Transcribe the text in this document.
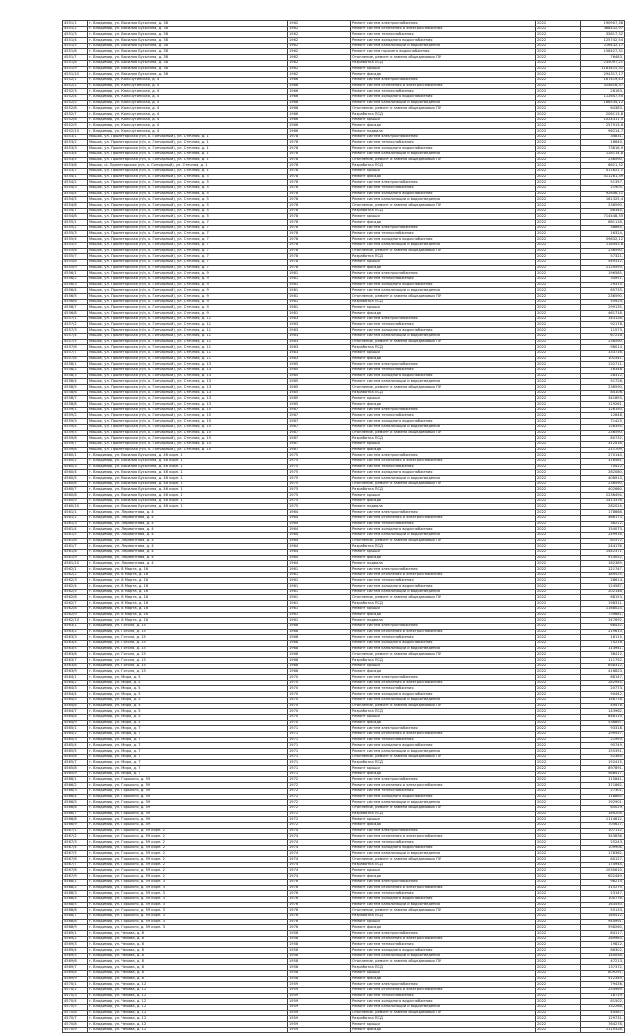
4551/1	г. Владимир, ул. Василия Бусыгина, д. 38	1962	Ремонт систем электроснабжения	2022	190907,38
4551/2	г. Владимир, ул. Василия Бусыгина, д. 38	1962	Ремонт систем отопления и электроснабжения	2022	368432,97
4551/3	г. Владимир, ул. Василия Бусыгина, д. 38	1962	Ремонт систем теплоснабжения	2022	35817,32
4551/4	г. Владимир, ул. Василия Бусыгина, д. 38	1962	Ремонт систем холодного водоснабжения	2022	125742,54
4551/5	г. Владимир, ул. Василия Бусыгина, д. 38	1962	Ремонт систем канализации и водоотведения	2022	216432,17
4551/6	г. Владимир, ул. Василия Бусыгина, д. 38	1962	Ремонт систем горячего водоснабжения	2022	158427,31
4551/7	г. Владимир, ул. Василия Бусыгина, д. 38	1962	Отопление, ремонт и замена общедомовых ПУ	2022	76483,
4551/8	г. Владимир, ул. Василия Бусыгина, д. 38	1962	Разработка ПСД	2022	235097,21
4551/9	г. Владимир, ул. Василия Бусыгина, д. 38	1962	Ремонт крыши	2022	1183415,32
4551/10	г. Владимир, ул. Василия Бусыгина, д. 38	1962	Ремонт фасада	2022	294317,17
4552/1	г. Владимир, ул. Кольчугинская, д. 4	1966	Ремонт систем электроснабжения	2022	167419,43
4552/2	г. Владимир, ул. Кольчугинская, д. 4	1966	Ремонт систем отопления и электроснабжения	2022	324816,37
4552/3	г. Владимир, ул. Кольчугинская, д. 4	1966	Ремонт систем теплоснабжения	2022	28163,
4552/4	г. Владимир, ул. Кольчугинская, д. 4	1966	Ремонт систем холодного водоснабжения	2022	112647,54
4552/5	г. Владимир, ул. Кольчугинская, д. 4	1966	Ремонт систем канализации и водоотведения	2022	186534,12
4552/6	г. Владимир, ул. Кольчугинская, д. 4	1966	Отопление, ремонт и замена общедомовых ПУ	2022	64383,
4552/7	г. Владимир, ул. Кольчугинская, д. 4	1966	Разработка ПСД	2022	206113,8
4552/8	г. Владимир, ул. Кольчугинская, д. 4	1966	Ремонт крыши	2022	1024311,5
4552/9	г. Владимир, ул. Кольчугинская, д. 4	1966	Ремонт фасада	2022	257913,6
4552/10	г. Владимир, ул. Кольчугинская, д. 4	1966	Ремонт подвала	2022	96214,7
4553/1	Мошок, ул. Пролетарская (п/з, к. Гончарный), ул. Стечная, д. 1	1978	Ремонт систем электроснабжения	2022	34831,
4553/2	Мошок, ул. Пролетарская (п/з, к. Гончарный), ул. Стечная, д. 1	1978	Ремонт систем теплоснабжения	2022	18640,
4553/3	Мошок, ул. Пролетарская (п/з, к. Гончарный), ул. Стечная, д. 1	1978	Ремонт систем холодного водоснабжения	2022	73816,9
4553/4	Мошок, ул. Пролетарская (п/з, к. Гончарный), ул. Стечная, д. 1	1978	Ремонт систем канализации и водоотведения	2022	128114,8
4553/5	Мошок, ул. Пролетарская (п/з, к. Гончарный), ул. Стечная, д. 1	1978	Отопление, ремонт и замена общедомовых ПУ	2022	236590,
4553/6	Мошок, ul. Пролетарская (п/з, к. Гончарный), ул. Стечная, д. 1	1978	Разработка ПСД	2022	6821,32
4553/7	Мошок, ул. Пролетарская (п/з, к. Гончарный), ул. Стечная, д. 1	1978	Ремонт крыши	2022	411621,1
4554/1	Мошок, ул. Пролетарская (п/з, к. Гончарный), ул. Стечная, д. 5	1978	Ремонт фасада	2022	411281,39
4554/2	Мошок, ул. Пролетарская (п/з, к. Гончарный), ул. Стечная, д. 5	1978	Ремонт систем электроснабжения	2022	51357,
4554/3	Мошок, ул. Пролетарская (п/з, к. Гончарный), ул. Стечная, д. 5	1978	Ремонт систем теплоснабжения	2022	21905,
4554/4	Мошок, ул. Пролетарская (п/з, к. Гончарный), ул. Стечная, д. 5	1978	Ремонт систем холодного водоснабжения	2022	92646,11
4554/5	Мошок, ул. Пролетарская (п/з, к. Гончарный), ул. Стечная, д. 5	1978	Ремонт систем канализации и водоотведения	2022	161325,4
4554/6	Мошок, ул. Пролетарская (п/з, к. Гончарный), ул. Стечная, д. 5	1978	Отопление, ремонт и замена общедомовых ПУ	2022	236590,
4554/7	Мошок, ул. Пролетарская (п/з, к. Гончарный), ул. Стечная, д. 5	1978	Разработка ПСД	2022	86340,
4554/8	Мошок, ул. Пролетарская (п/з, к. Гончарный), ул. Стечная, д. 5	1978	Ремонт крыши	2022	714448,35
4555/1	Мошок, ул. Пролетарская (п/з, к. Гончарный), ул. Стечная, д. 7	1978	Ремонт фасада	2022	681118,
4555/2	Мошок, ул. Пролетарская (п/з, к. Гончарный), ул. Стечная, д. 7	1978	Ремонт систем электроснабжения	2022	38865,
4555/3	Мошок, ул. Пролетарская (п/з, к. Гончарный), ул. Стечная, д. 7	1978	Ремонт систем теплоснабжения	2022	16324,
4555/4	Мошок, ул. Пролетарская (п/з, к. Гончарный), ул. Стечная, д. 7	1978	Ремонт систем холодного водоснабжения	2022	59832,12
4555/5	Мошок, ул. Пролетарская (п/з, к. Гончарный), ул. Стечная, д. 7	1978	Ремонт систем канализации и водоотведения	2022	118443,8
4555/6	Мошок, ул. Пролетарская (п/з, к. Гончарный), ул. Стечная, д. 7	1978	Отопление, ремонт и замена общедомовых ПУ	2022	236590,
4555/7	Мошок, ул. Пролетарская (п/з, к. Гончарный), ул. Стечная, д. 7	1978	Разработка ПСД	2022	57321,
4555/8	Мошок, ул. Пролетарская (п/з, к. Гончарный), ул. Стечная, д. 7	1978	Ремонт крыши	2022	549312,
4555/9	Мошок, ул. Пролетарская (п/з, к. Гончарный), ул. Стечная, д. 7	1978	Ремонт фасада	2022	2124593,
4556/1	Мошок, ул. Пролетарская (п/з, к. Гончарный), ул. Стечная, д. 9	1981	Ремонт систем электроснабжения	2022	196585,
4556/2	Мошок, ул. Пролетарская (п/з, к. Гончарный), ул. Стечная, д. 9	1981	Ремонт систем теплоснабжения	2022	34951,
4556/3	Мошок, ул. Пролетарская (п/з, к. Гончарный), ул. Стечная, д. 9	1981	Ремонт систем холодного водоснабжения	2022	29315,
4556/4	Мошок, ул. Пролетарская (п/з, к. Гончарный), ул. Стечная, д. 9	1981	Ремонт систем канализации и водоотведения	2022	65735,
4556/5	Мошок, ул. Пролетарская (п/з, к. Гончарный), ул. Стечная, д. 9	1981	Отопление, ремонт и замена общедомовых ПУ	2022	236590,
4556/6	Мошок, ул. Пролетарская (п/з, к. Гончарный), ул. Стечная, д. 9	1981	Разработка ПСД	2022	55924,
4556/7	Мошок, ул. Пролетарская (п/з, к. Гончарный), ул. Стечная, д. 9	1981	Ремонт крыши	2022	299135,
4556/8	Мошок, ул. Пролетарская (п/з, к. Гончарный), ул. Стечная, д. 9	1981	Ремонт фасада	2022	461718,
4557/1	Мошок, ул. Пролетарская (п/з, к. Гончарный), ул. Стечная, д. 11	1983	Ремонт систем электроснабжения	2022	143128,
4557/2	Мошок, ул. Пролетарская (п/з, к. Гончарный), ул. Стечная, д. 11	1983	Ремонт систем теплоснабжения	2022	92178,
4557/3	Мошок, ул. Пролетарская (п/з, к. Гончарный), ул. Стечная, д. 11	1983	Ремонт систем холодного водоснабжения	2022	11573,
4557/4	Мошок, ул. Пролетарская (п/з, к. Гончарный), ул. Стечная, д. 11	1983	Ремонт систем канализации и водоотведения	2022	67218,
4557/5	Мошок, ул. Пролетарская (п/з, к. Гончарный), ул. Стечная, д. 11	1983	Отопление, ремонт и замена общедомовых ПУ	2022	236590,
4557/6	Мошок, ул. Пролетарская (п/з, к. Гончарный), ул. Стечная, д. 11	1983	Разработка ПСД	2022	98014,
4557/7	Мошок, ул. Пролетарская (п/з, к. Гончарный), ул. Стечная, д. 11	1983	Ремонт крыши	2022	333716,
4557/8	Мошок, ул. Пролетарская (п/з, к. Гончарный), ул. Стечная, д. 11	1983	Ремонт фасада	2022	101541,
4558/1	Мошок, ул. Пролетарская (п/з, к. Гончарный), ул. Стечная, д. 13	1985	Ремонт систем электроснабжения	2022	132711,
4558/2	Мошок, ул. Пролетарская (п/з, к. Гончарный), ул. Стечная, д. 13	1985	Ремонт систем теплоснабжения	2022	16348,
4558/3	Мошок, ул. Пролетарская (п/з, к. Гончарный), ул. Стечная, д. 13	1985	Ремонт систем холодного водоснабжения	2022	28312,
4558/4	Мошок, ул. Пролетарская (п/з, к. Гончарный), ул. Стечная, д. 13	1985	Ремонт систем канализации и водоотведения	2022	51726,
4558/5	Мошок, ул. Пролетарская (п/з, к. Гончарный), ул. Стечная, д. 13	1985	Отопление, ремонт и замена общедомовых ПУ	2022	236590,
4558/6	Мошок, ул. Пролетарская (п/з, к. Гончарный), ул. Стечная, д. 13	1985	Разработка ПСД	2022	84106,
4558/7	Мошок, ул. Пролетарская (п/з, к. Гончарный), ул. Стечная, д. 13	1985	Ремонт крыши	2022	341893,
4558/8	Мошок, ул. Пролетарская (п/з, к. Гончарный), ул. Стечная, д. 13	1985	Ремонт фасада	2022	119261,
4559/1	Мошок, ул. Пролетарская (п/з, к. Гончарный), ул. Стечная, д. 15	1987	Ремонт систем электроснабжения	2022	126193,
4559/2	Мошок, ул. Пролетарская (п/з, к. Гончарный), ул. Стечная, д. 15	1987	Ремонт систем теплоснабжения	2022	12846,
4559/3	Мошок, ул. Пролетарская (п/з, к. Гончарный), ул. Стечная, д. 15	1987	Ремонт систем холодного водоснабжения	2022	71425,
4559/4	Мошок, ул. Пролетарская (п/з, к. Гончарный), ул. Стечная, д. 15	1987	Ремонт систем канализации и водоотведения	2022	128354,
4559/5	Мошок, ул. Пролетарская (п/з, к. Гончарный), ул. Стечная, д. 15	1987	Отопление, ремонт и замена общедомовых ПУ	2022	236590,
4559/6	Мошок, ул. Пролетарская (п/з, к. Гончарный), ул. Стечная, д. 15	1987	Разработка ПСД	2022	80732,
4559/7	Мошок, ул. Пролетарская (п/з, к. Гончарный), ул. Стечная, д. 15	1987	Ремонт крыши	2022	312418,
4559/8	Мошок, ул. Пролетарская (п/з, к. Гончарный), ул. Стечная, д. 15	1987	Ремонт фасада	2022	211709,
4560/1	г. Владимир, ул. Василия Бусыгина, д. 46 корп. 1	1975	Ремонт систем электроснабжения	2022	270144,
4560/2	г. Владимир, ул. Василия Бусыгина, д. 46 корп. 1	1975	Ремонт систем отопления и электроснабжения	2022	316581,
4560/3	г. Владимир, ул. Василия Бусыгина, д. 46 корп. 1	1975	Ремонт систем теплоснабжения	2022	70422,
4560/4	г. Владимир, ул. Василия Бусыгина, д. 46 корп. 1	1975	Ремонт систем холодного водоснабжения	2022	262080,
4560/5	г. Владимир, ул. Василия Бусыгина, д. 46 корп. 1	1975	Ремонт систем канализации и водоотведения	2022	408913,
4560/6	г. Владимир, ул. Василия Бусыгина, д. 46 корп. 1	1975	Отопление, ремонт и замена общедомовых ПУ	2022	236590,
4560/7	г. Владимир, ул. Василия Бусыгина, д. 46 корп. 1	1975	Разработка ПСД	2022	402660,
4560/8	г. Владимир, ул. Василия Бусыгина, д. 46 корп. 1	1975	Ремонт крыши	2022	2236494,
4560/9	г. Владимир, ул. Василия Бусыгина, д. 46 корп. 1	1975	Ремонт фасада	2022	1413376,
4560/10	г. Владимир, ул. Василия Бусыгина, д. 46 корп. 1	1975	Ремонт подвала	2022	282024,
4561/1	г. Владимир, ул. Лермонтова, д. 4	1964	Ремонт систем электроснабжения	2022	178668,
4561/2	г. Владимир, ул. Лермонтова, д. 4	1964	Ремонт систем отопления и электроснабжения	2022	466173,
4561/3	г. Владимир, ул. Лермонтова, д. 4	1964	Ремонт систем теплоснабжения	2022	38212,
4561/4	г. Владимир, ул. Лермонтова, д. 4	1964	Ремонт систем холодного водоснабжения	2022	154073,
4561/5	г. Владимир, ул. Лермонтова, д. 4	1964	Ремонт систем канализации и водоотведения	2022	249918,
4561/6	г. Владимир, ул. Лермонтова, д. 4	1964	Отопление, ремонт и замена общедомовых ПУ	2022	81572,
4561/7	г. Владимир, ул. Лермонтова, д. 4	1964	Разработка ПСД	2022	244176,
4561/8	г. Владимир, ул. Лермонтова, д. 4	1964	Ремонт крыши	2022	1442371,
4561/9	г. Владимир, ул. Лермонтова, д. 4	1964	Ремонт фасада	2022	914052,
4561/10	г. Владимир, ул. Лермонтова, д. 4	1964	Ремонт подвала	2022	182389,
4562/1	г. Владимир, ул. 8 Марта, д. 16	1961	Ремонт систем электроснабжения	2022	121747,
4562/2	г. Владимир, ул. 8 Марта, д. 16	1961	Ремонт систем отопления и электроснабжения	2022	389525,
4562/3	г. Владимир, ул. 8 Марта, д. 16	1961	Ремонт систем теплоснабжения	2022	28614,
4562/4	г. Владимир, ул. 8 Марта, д. 16	1961	Ремонт систем холодного водоснабжения	2022	124587,
4562/5	г. Владимир, ул. 8 Марта, д. 16	1961	Ремонт систем канализации и водоотведения	2022	202148,
4562/6	г. Владимир, ул. 8 Марта, д. 16	1961	Отопление, ремонт и замена общедомовых ПУ	2022	68153,
4562/7	г. Владимир, ул. 8 Марта, д. 16	1961	Разработка ПСД	2022	198311,
4562/8	г. Владимир, ул. 8 Марта, д. 16	1961	Ремонт крыши	2022	1168023,
4562/9	г. Владимир, ул. 8 Марта, д. 16	1961	Ремонт фасада	2022	739681,
4562/10	г. Владимир, ул. 8 Марта, д. 16	1961	Ремонт подвала	2022	147692,
4563/1	г. Владимир, ул. Гоголя, д. 15	1968	Ремонт систем электроснабжения	2022	68432,
4563/2	г. Владимир, ул. Гоголя, д. 15	1968	Ремонт систем отопления и электроснабжения	2022	219613,
4563/3	г. Владимир, ул. Гоголя, д. 15	1968	Ремонт систем теплоснабжения	2022	16115,
4563/4	г. Владимир, ул. Гоголя, д. 15	1968	Ремонт систем холодного водоснабжения	2022	70216,
4563/5	г. Владимир, ул. Гоголя, д. 15	1968	Ремонт систем канализации и водоотведения	2022	113941,
4563/6	г. Владимир, ул. Гоголя, д. 15	1968	Отопление, ремонт и замена общедомовых ПУ	2022	38412,
4563/7	г. Владимир, ул. Гоголя, д. 15	1968	Разработка ПСД	2022	111752,
4563/8	г. Владимир, ул. Гоголя, д. 15	1968	Ремонт крыши	2022	658312,
4563/9	г. Владимир, ул. Гоголя, д. 15	1968	Ремонт фасада	2022	416823,
4564/1	г. Владимир, ул. Мира, д. 5	1970	Ремонт систем электроснабжения	2022	88147,
4564/2	г. Владимир, ул. Мира, д. 5	1970	Ремонт систем отопления и электроснабжения	2022	282944,
4564/3	г. Владимир, ул. Мира, д. 5	1970	Ремонт систем теплоснабжения	2022	20773,
4564/4	г. Владимир, ул. Мира, д. 5	1970	Ремонт систем холодного водоснабжения	2022	90442,
4564/5	г. Владимир, ул. Мира, д. 5	1970	Ремонт систем канализации и водоотведения	2022	146778,
4564/6	г. Владимир, ул. Мира, д. 5	1970	Отопление, ремонт и замена общедомовых ПУ	2022	49478,
4564/7	г. Владимир, ул. Мира, д. 5	1970	Разработка ПСД	2022	143962,
4564/8	г. Владимир, ул. Мира, д. 5	1970	Ремонт крыши	2022	848119,
4564/9	г. Владимир, ул. Мира, д. 5	1970	Ремонт фасада	2022	536897,
4565/1	г. Владимир, ул. Мира, д. 7	1971	Ремонт систем электроснабжения	2022	93318,
4565/2	г. Владимир, ул. Мира, д. 7	1971	Ремонт систем отопления и электроснабжения	2022	299557,
4565/3	г. Владимир, ул. Мира, д. 7	1971	Ремонт систем теплоснабжения	2022	21993,
4565/4	г. Владимир, ул. Мира, д. 7	1971	Ремонт систем холодного водоснабжения	2022	95749,
4565/5	г. Владимир, ул. Мира, д. 7	1971	Ремонт систем канализации и водоотведения	2022	155391,
4565/6	г. Владимир, ул. Мира, д. 7	1971	Отопление, ремонт и замена общедомовых ПУ	2022	52385,
4565/7	г. Владимир, ул. Мира, д. 7	1971	Разработка ПСД	2022	152415,
4565/8	г. Владимир, ул. Мира, д. 7	1971	Ремонт крыши	2022	897891,
4565/9	г. Владимир, ул. Мира, д. 7	1971	Ремонт фасада	2022	568417,
4566/1	г. Владимир, ул. Горького, д. 59	1972	Ремонт систем электроснабжения	2022	115841,
4566/2	г. Владимир, ул. Горького, д. 59	1972	Ремонт систем отопления и электроснабжения	2022	371862,
4566/3	г. Владимир, ул. Горького, д. 59	1972	Ремонт систем теплоснабжения	2022	27301,
4566/4	г. Владимир, ул. Горького, д. 59	1972	Ремонт систем холодного водоснабжения	2022	118865,
4566/5	г. Владимир, ул. Горького, д. 59	1972	Ремонт систем канализации и водоотведения	2022	192901,
4566/6	г. Владимир, ул. Горького, д. 59	1972	Отопление, ремонт и замена общедомовых ПУ	2022	65029,
4566/7	г. Владимир, ул. Горького, д. 59	1972	Разработка ПСД	2022	189204,
4566/8	г. Владимир, ул. Горького, д. 59	1972	Ремонт крыши	2022	1114612,
4566/9	г. Владимир, ул. Горького, д. 59	1972	Ремонт фасада	2022	705627,
4567/1	г. Владимир, ул. Горького, д. 59 корп. 2	1974	Ремонт систем электроснабжения	2022	107112,
4567/2	г. Владимир, ул. Горького, д. 59 корп. 2	1974	Ремонт систем отопления и электроснабжения	2022	343836,
4567/3	г. Владимир, ул. Горького, д. 59 корп. 2	1974	Ремонт систем теплоснабжения	2022	25243,
4567/4	г. Владимир, ул. Горького, д. 59 корп. 2	1974	Ремонт систем холодного водоснабжения	2022	109906,
4567/5	г. Владимир, ул. Горького, д. 59 корп. 2	1974	Ремонт систем канализации и водоотведения	2022	178362,
4567/6	г. Владимир, ул. Горького, д. 59 корп. 2	1974	Отопление, ремонт и замена общедомовых ПУ	2022	60127,
4567/7	г. Владимир, ул. Горького, д. 59 корп. 2	1974	Разработка ПСД	2022	174944,
4567/8	г. Владимир, ул. Горького, д. 59 корп. 2	1974	Ремонт крыши	2022	1030610,
4567/9	г. Владимир, ул. Горького, д. 59 корп. 2	1974	Ремонт фасада	2022	652449,
4568/1	г. Владимир, ул. Горького, д. 59 корп. 3	1976	Ремонт систем электроснабжения	2022	98215,
4568/2	г. Владимир, ул. Горького, д. 59 корп. 3	1976	Ремонт систем отопления и электроснабжения	2022	315279,
4568/3	г. Владимир, ул. Горького, д. 59 корп. 3	1976	Ремонт систем теплоснабжения	2022	23147,
4568/4	г. Владимир, ул. Горького, д. 59 корп. 3	1976	Ремонт систем холодного водоснабжения	2022	100776,
4568/5	г. Владимир, ул. Горького, д. 59 корп. 3	1976	Ремонт систем канализации и водоотведения	2022	163550,
4568/6	г. Владимир, ул. Горького, д. 59 корп. 3	1976	Отопление, ремонт и замена общедомовых ПУ	2022	55133,
4568/7	г. Владимир, ул. Горького, д. 59 корп. 3	1976	Разработка ПСД	2022	160412,
4568/8	г. Владимир, ул. Горького, д. 59 корп. 3	1976	Ремонт крыши	2022	944991,
4568/9	г. Владимир, ул. Горького, д. 59 корп. 3	1976	Ремонт фасада	2022	598260,
4569/1	г. Владимир, ул. Чехова, д. 8	1958	Ремонт систем электроснабжения	2022	84117,
4569/2	г. Владимир, ул. Чехова, д. 8	1958	Ремонт систем отопления и электроснабжения	2022	269983,
4569/3	г. Владимир, ул. Чехова, д. 8	1958	Ремонт систем теплоснабжения	2022	19822,
4569/4	г. Владимир, ул. Чехова, д. 8	1958	Ремонт систем холодного водоснабжения	2022	86302,
4569/5	г. Владимир, ул. Чехова, д. 8	1958	Ремонт систем канализации и водоотведения	2022	140058,
4569/6	г. Владимир, ул. Чехова, д. 8	1958	Отопление, ремонт и замена общедомовых ПУ	2022	47213,
4569/7	г. Владимир, ул. Чехова, д. 8	1958	Разработка ПСД	2022	137372,
4569/8	г. Владимир, ул. Чехова, д. 8	1958	Ремонт крыши	2022	809291,
4569/9	г. Владимир, ул. Чехова, д. 8	1958	Ремонт фасада	2022	512349,
4570/1	г. Владимир, ул. Чехова, д. 12	1959	Ремонт систем электроснабжения	2022	79436,
4570/2	г. Владимир, ул. Чехова, д. 12	1959	Ремонт систем отопления и электроснабжения	2022	254969,
4570/3	г. Владимир, ул. Чехова, д. 12	1959	Ремонт систем теплоснабжения	2022	18719,
4570/4	г. Владимир, ул. Чехова, д. 12	1959	Ремонт систем холодного водоснабжения	2022	81502,
4570/5	г. Владимир, ул. Чехова, д. 12	1959	Ремонт систем канализации и водоотведения	2022	132268,
4570/6	г. Владимир, ул. Чехова, д. 12	1959	Отопление, ремонт и замена общедомовых ПУ	2022	44587,
4570/7	г. Владимир, ул. Чехова, д. 12	1959	Разработка ПСД	2022	129731,
4570/8	г. Владимир, ул. Чехова, д. 12	1959	Ремонт крыши	2022	764278,
4570/9	г. Владимир, ул. Чехова, д. 12	1959	Ремонт фасада	2022	1119328,
